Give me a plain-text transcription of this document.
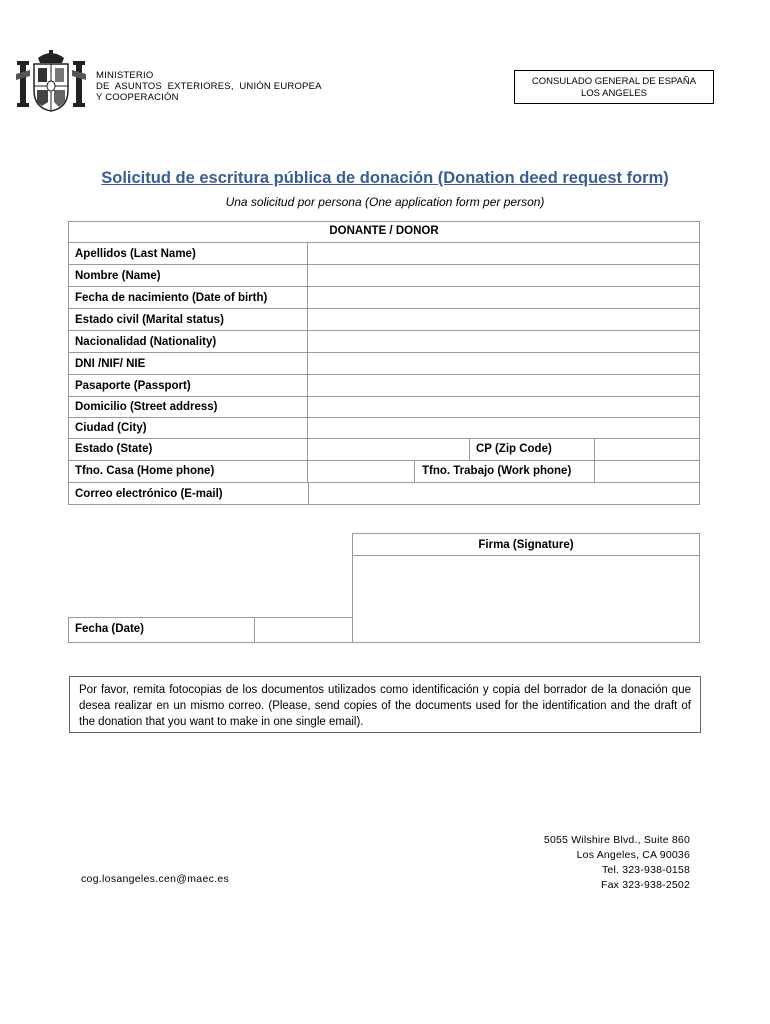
MINISTERIO
DE  ASUNTOS  EXTERIORES,  UNIÓN EUROPEA
Y COOPERACIÓN
CONSULADO GENERAL DE ESPAÑA
LOS ANGELES
Solicitud de escritura pública de donación (Donation deed request form)
Una solicitud por persona (One application form per person)
DONANTE / DONOR
Apellidos (Last Name)
Nombre (Name)
Fecha de nacimiento (Date of birth)
Estado civil (Marital status)
Nacionalidad (Nationality)
DNI /NIF/ NIE
Pasaporte (Passport)
Domicilio (Street address)
Ciudad (City)
Estado (State)
Tfno. Casa (Home phone)
Correo electrónico (E-mail)
CP (Zip Code)
Tfno. Trabajo (Work phone)
Firma (Signature)
Fecha (Date)
Por favor, remita fotocopias de los documentos utilizados como identificación y copia del borrador de la donación que desea realizar en un mismo correo. (Please, send copies of the documents used for the identification and the draft of the donation that you want to make in one single email).
cog.losangeles.cen@maec.es
5055 Wilshire Blvd., Suite 860
Los Angeles, CA 90036
Tel. 323-938-0158
Fax 323-938-2502
